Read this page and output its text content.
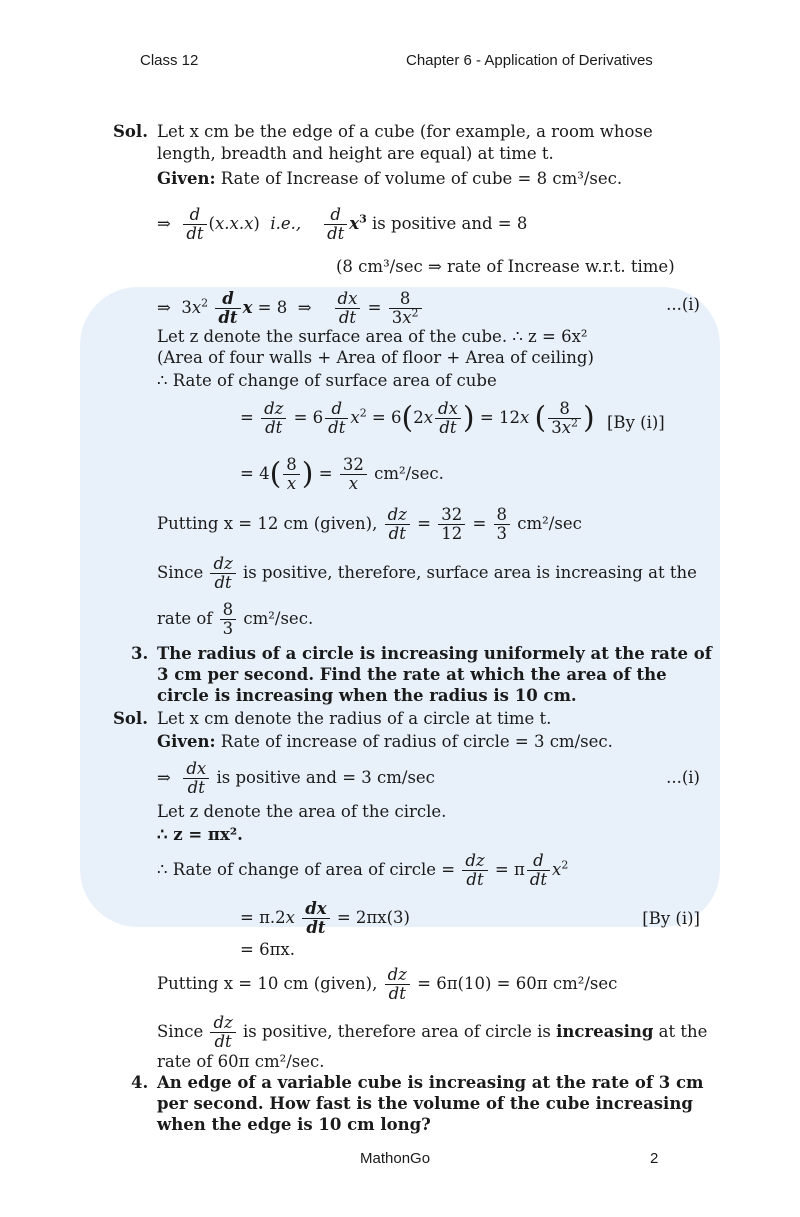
Class 12	Chapter 6 - Application of Derivatives
Sol. Let x cm be the edge of a cube (for example, a room whose
length, breadth and height are equal) at time t.
Given: Rate of Increase of volume of cube = 8 cm³/sec.
⇒ $\frac{d}{dt} (x.x.x)$  i.e., $\frac{d}{dt} x^3$ is positive and = 8
(8 cm³/sec ⇒ rate of Increase w.r.t. time)
⇒  $3x^2 \frac{d}{dt}$ x = 8  ⇒ $\frac{dx}{dt} = \frac{8}{3x^2}$	...(i)
Let z denote the surface area of the cube. ∴ z = 6x²
(Area of four walls + Area of floor + Area of ceiling)
∴ Rate of change of surface area of cube
= $\frac{dz}{dt} = 6 \frac{d}{dt} x^2 = 6(2x \frac{dx}{dt}$ ) = 12x ( $\frac{8}{3x^2}$ ) [By (i)]
= $4( \frac{8}{x}$ ) = $\frac{32}{x} cm^2/\sec$.
Putting x = 12 cm (given), $\frac{dz}{dt} = \frac{32}{12} = \frac{8}{3} cm^2/\sec$
Since $\frac{dz}{dt}$ is positive, therefore, surface area is increasing at the
rate of $\frac{8}{3} cm^2/\sec$.
3. The radius of a circle is increasing uniformely at the rate of
3 cm per second. Find the rate at which the area of the
circle is increasing when the radius is 10 cm.
Sol. Let x cm denote the radius of a circle at time t.
Given: Rate of increase of radius of circle = 3 cm/sec.
⇒ $\frac{dx}{dt}$ is positive and = 3 cm/sec	...(i)
Let z denote the area of the circle.
∴ z = πx².
∴ Rate of change of area of circle = $\frac{dz}{dt} = \pi \frac{d}{dt} x^2$
= $\pi.2x \frac{dx}{dt} = 2\pi x(3)$	[By (i)]
= 6πx.
Putting x = 10 cm (given), $\frac{dz}{dt} = 6\pi(10) = 60\pi$ cm²/sec
Since $\frac{dz}{dt}$ is positive, therefore area of circle is increasing at the
rate of 60π cm²/sec.
4. An edge of a variable cube is increasing at the rate of 3 cm
per second. How fast is the volume of the cube increasing
when the edge is 10 cm long?
MathonGo	2
